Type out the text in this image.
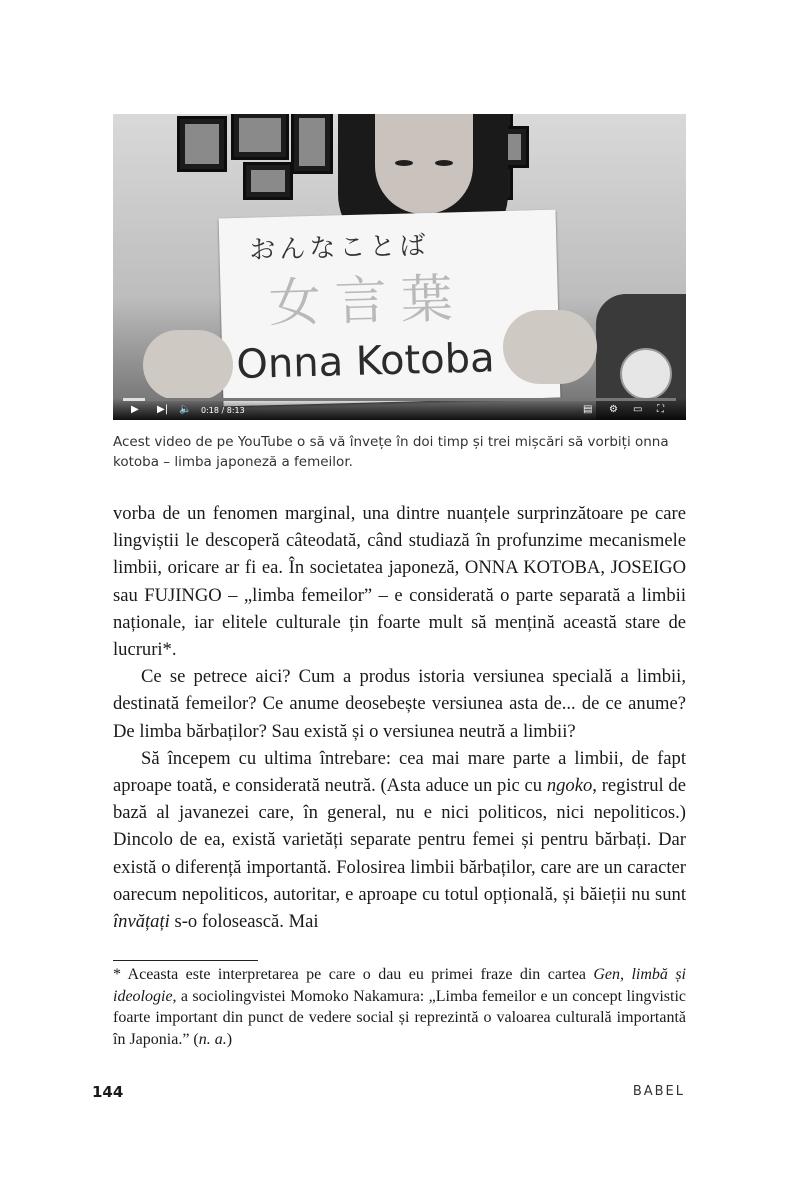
おんなことば
女言葉
Onna Kotoba
▶ ▶| 🔈 0:18 / 8:13	▤ ⚙ ▭ ⛶
Acest video de pe YouTube o să vă învețe în doi timp și trei mișcări să vorbiți onna kotoba – limba japoneză a femeilor.

vorba de un fenomen marginal, una dintre nuanțele surprinzătoare pe care lingviștii le descoperă câteodată, când studiază în profunzime mecanismele limbii, oricare ar fi ea. În societatea japoneză, ONNA KOTOBA, JOSEIGO sau FUJINGO – „limba femeilor” – e considerată o parte separată a limbii naționale, iar elitele culturale țin foarte mult să mențină această stare de lucruri*.

Ce se petrece aici? Cum a produs istoria versiunea specială a limbii, destinată femeilor? Ce anume deosebește versiunea asta de... de ce anume? De limba bărbaților? Sau există și o versiunea neutră a limbii?

Să începem cu ultima întrebare: cea mai mare parte a limbii, de fapt aproape toată, e considerată neutră. (Asta aduce un pic cu ngoko, registrul de bază al javanezei care, în general, nu e nici politicos, nici nepoliticos.) Dincolo de ea, există varietăți separate pentru femei și pentru bărbați. Dar există o diferență importantă. Folosirea limbii bărbaților, care are un caracter oarecum nepoliticos, autoritar, e aproape cu totul opțională, și băieții nu sunt învățați s-o folosească. Mai

* Aceasta este interpretarea pe care o dau eu primei fraze din cartea Gen, limbă și ideologie, a sociolingvistei Momoko Nakamura: „Limba femeilor e un concept lingvistic foarte important din punct de vedere social și reprezintă o valoarea culturală importantă în Japonia.” (n. a.)
144	BABEL
